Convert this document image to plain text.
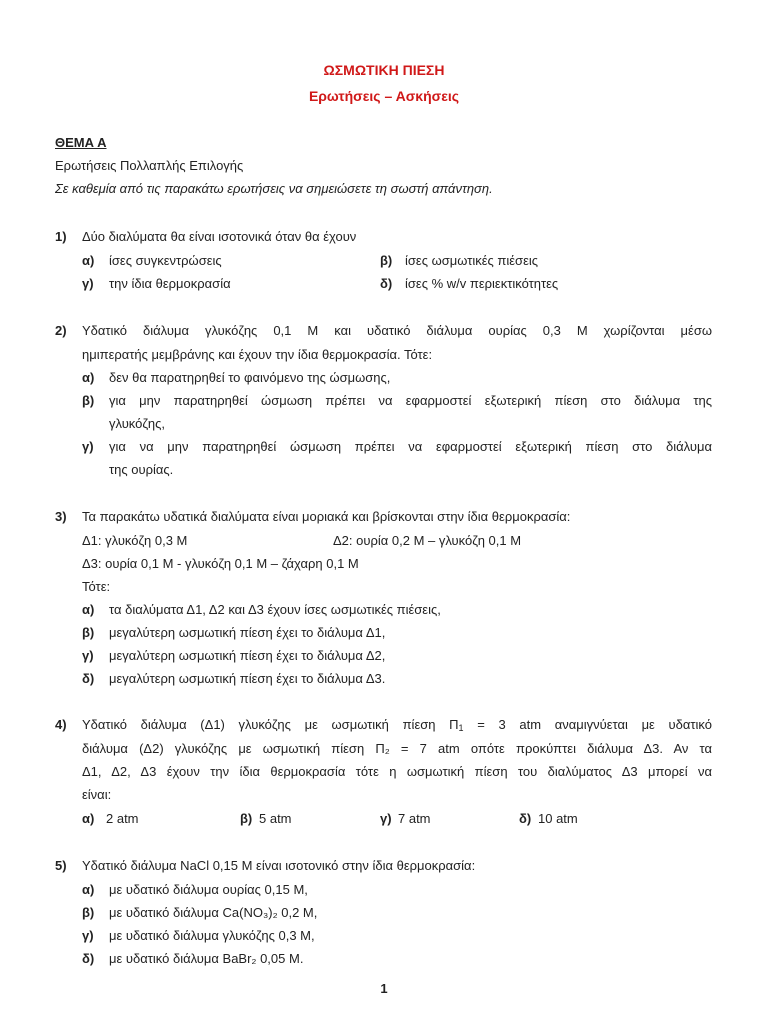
ΩΣΜΩΤΙΚΗ ΠΙΕΣΗ
Ερωτήσεις – Ασκήσεις
ΘΕΜΑ Α
Ερωτήσεις Πολλαπλής Επιλογής
Σε καθεμία από τις παρακάτω ερωτήσεις να σημειώσετε τη σωστή απάντηση.
1) Δύο διαλύματα θα είναι ισοτονικά όταν θα έχουν
α) ίσες συγκεντρώσεις	β) ίσες ωσμωτικές πιέσεις
γ) την ίδια θερμοκρασία	δ) ίσες % w/v περιεκτικότητες
2) Υδατικό διάλυμα γλυκόζης 0,1 M και υδατικό διάλυμα ουρίας 0,3 M χωρίζονται μέσω
ημιπερατής μεμβράνης και έχουν την ίδια θερμοκρασία. Τότε:
α) δεν θα παρατηρηθεί το φαινόμενο της ώσμωσης,
β) για μην παρατηρηθεί ώσμωση πρέπει να εφαρμοστεί εξωτερική πίεση στο διάλυμα της
γλυκόζης,
γ) για να μην παρατηρηθεί ώσμωση πρέπει να εφαρμοστεί εξωτερική πίεση στο διάλυμα
της ουρίας.
3) Τα παρακάτω υδατικά διαλύματα είναι μοριακά και βρίσκονται στην ίδια θερμοκρασία:
Δ1: γλυκόζη 0,3 M	Δ2: ουρία 0,2 M – γλυκόζη 0,1 M
Δ3: ουρία 0,1 M - γλυκόζη 0,1 M – ζάχαρη 0,1 M
Τότε:
α) τα διαλύματα Δ1, Δ2 και Δ3 έχουν ίσες ωσμωτικές πιέσεις,
β) μεγαλύτερη ωσμωτική πίεση έχει το διάλυμα Δ1,
γ) μεγαλύτερη ωσμωτική πίεση έχει το διάλυμα Δ2,
δ) μεγαλύτερη ωσμωτική πίεση έχει το διάλυμα Δ3.
4) Υδατικό διάλυμα (Δ1) γλυκόζης με ωσμωτική πίεση $\Pi_1 = 3$ atm αναμιγνύεται με υδατικό
διάλυμα (Δ2) γλυκόζης με ωσμωτική πίεση Π₂ = 7 atm οπότε προκύπτει διάλυμα Δ3. Αν τα
Δ1, Δ2, Δ3 έχουν την ίδια θερμοκρασία τότε η ωσμωτική πίεση του διαλύματος Δ3 μπορεί να
είναι:
α) 2 atm	β) 5 atm	γ) 7 atm	δ) 10 atm
5) Υδατικό διάλυμα NaCl 0,15 M είναι ισοτονικό στην ίδια θερμοκρασία:
α) με υδατικό διάλυμα ουρίας 0,15 M,
β) με υδατικό διάλυμα Ca(NO₃)₂ 0,2 M,
γ) με υδατικό διάλυμα γλυκόζης 0,3 M,
δ) με υδατικό διάλυμα BaBr₂ 0,05 M.
1
